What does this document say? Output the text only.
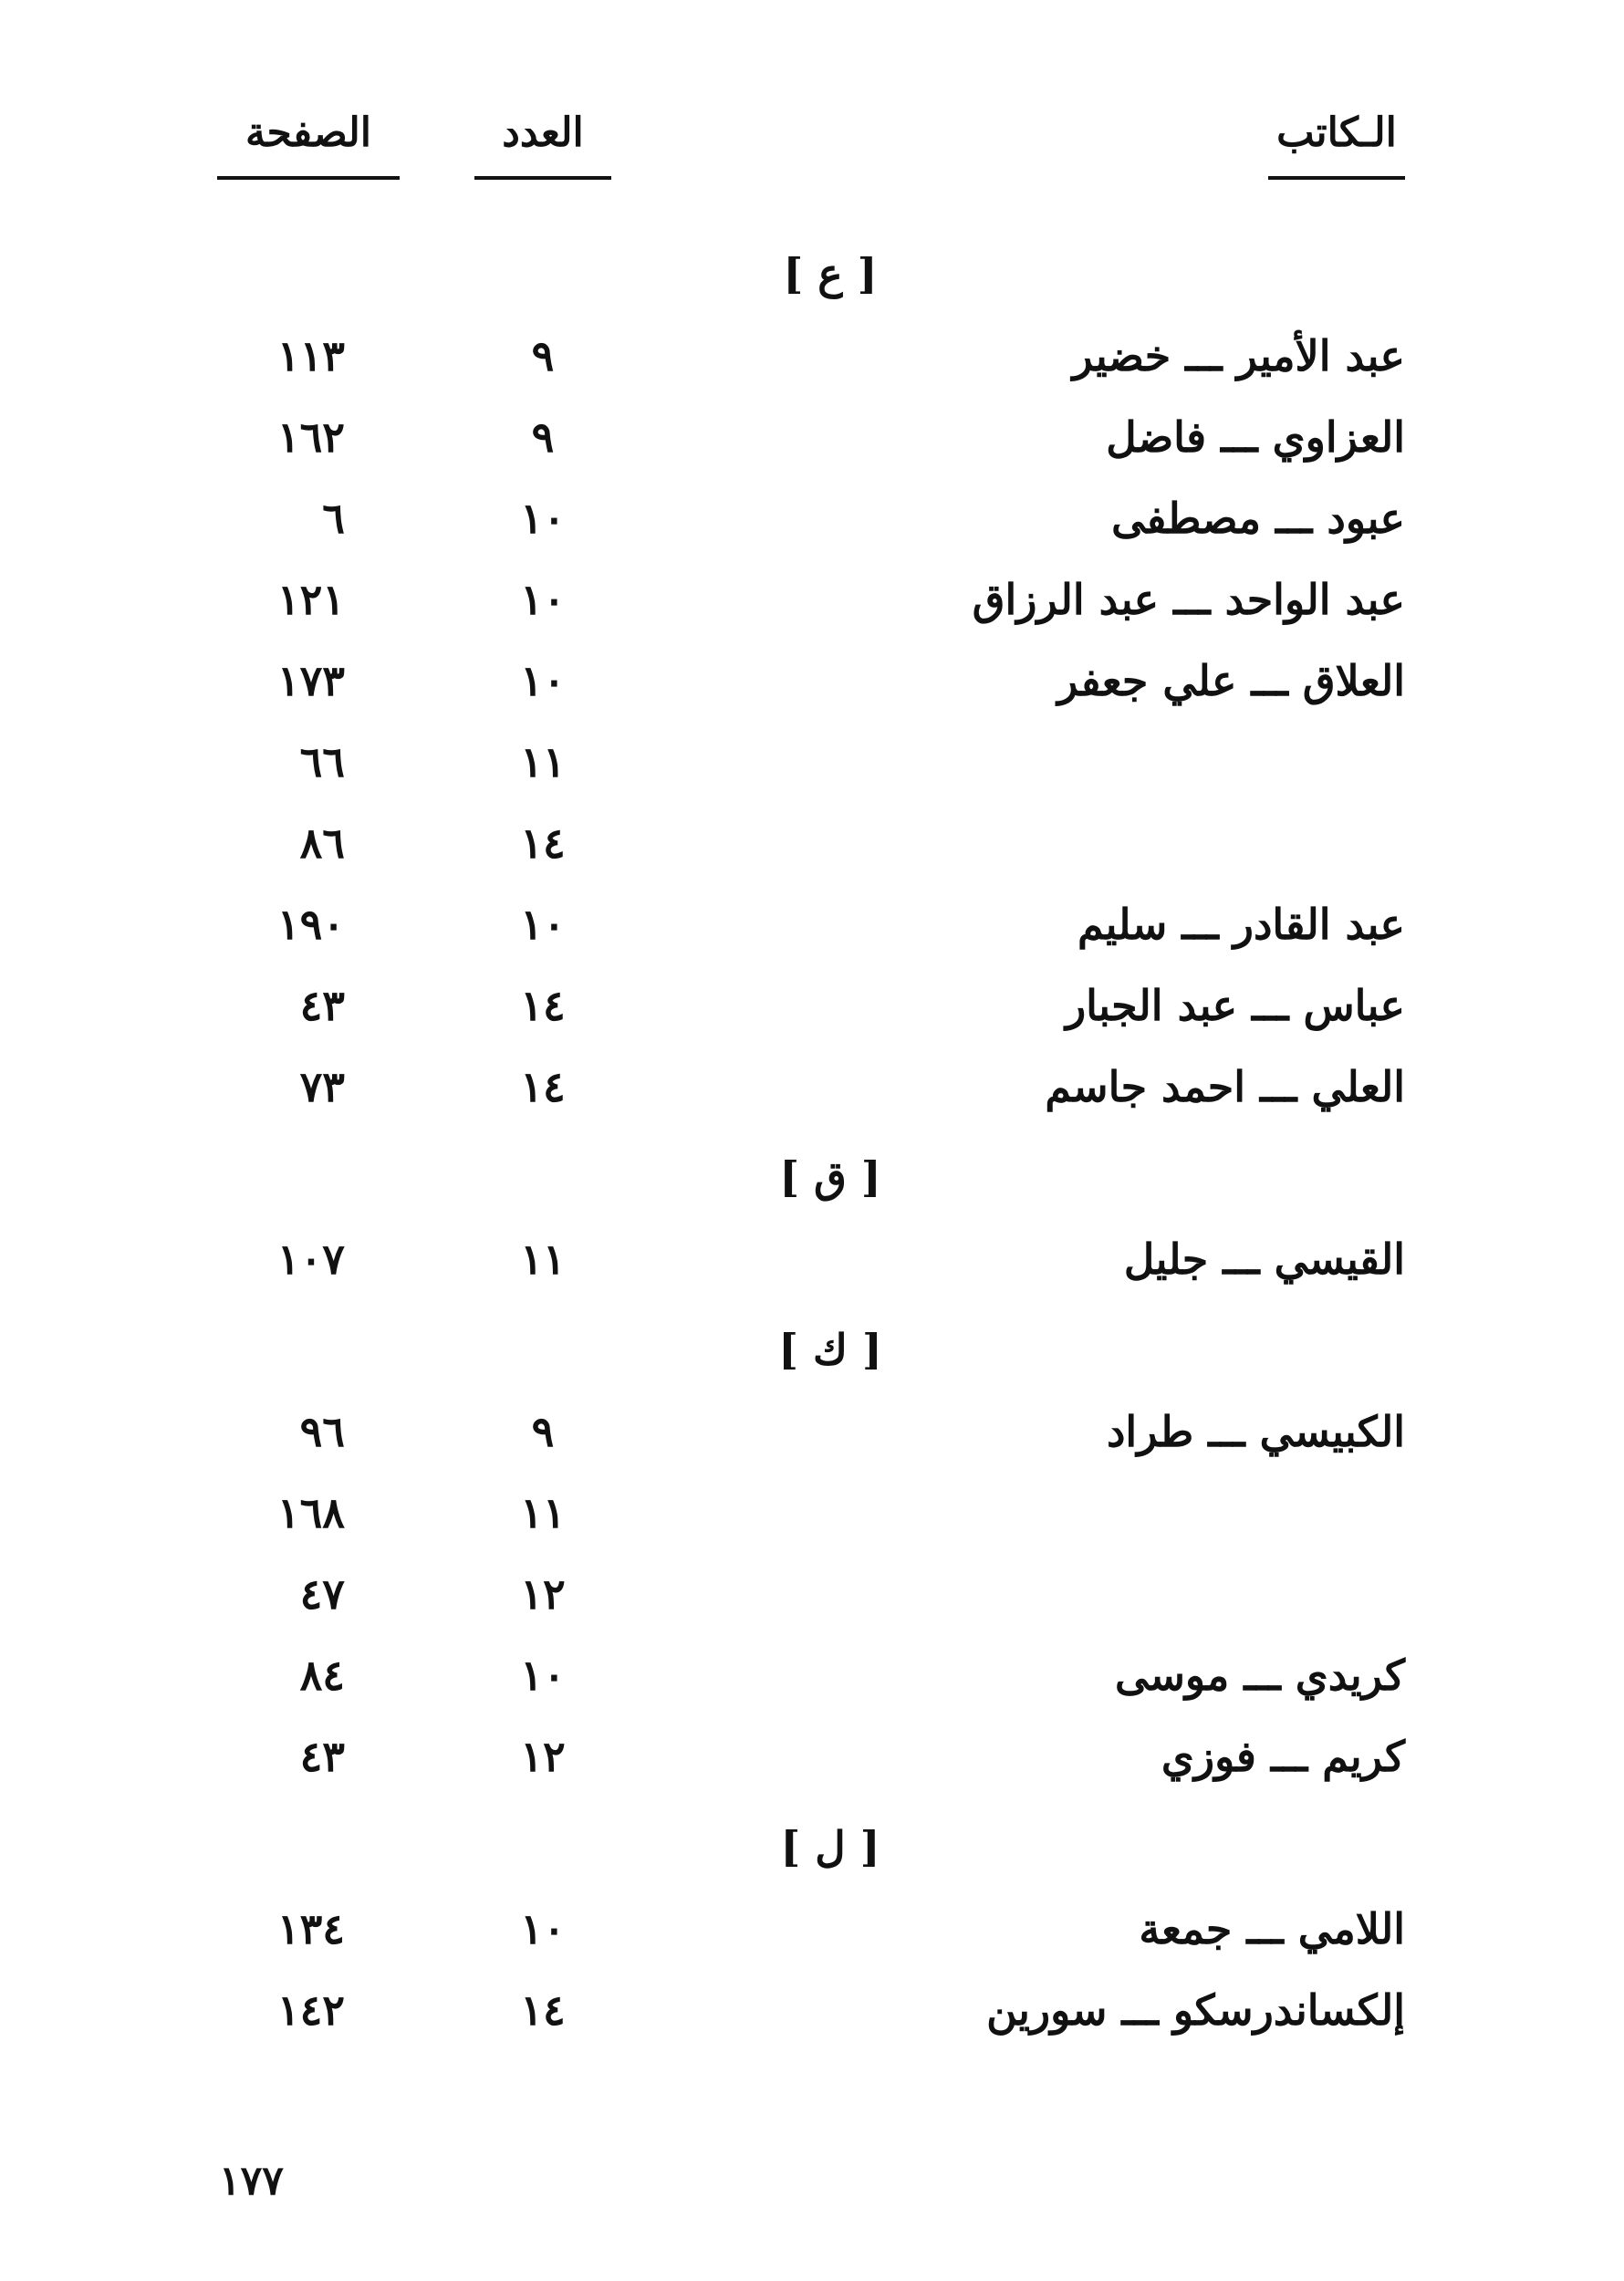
الـكاتب
العدد
الصفحة
[ ع ]
عبد الأمير ـــ خضير
٩
١١٣
العزاوي ـــ فاضل
٩
١٦٢
عبود ـــ مصطفى
١٠
٦
عبد الواحد ـــ عبد الرزاق
١٠
١٢١
العلاق ـــ علي جعفر
١٠
١٧٣
١١
٦٦
١٤
٨٦
عبد القادر ـــ سليم
١٠
١٩٠
عباس ـــ عبد الجبار
١٤
٤٣
العلي ـــ احمد جاسم
١٤
٧٣
[ ق ]
القيسي ـــ جليل
١١
١٠٧
[ ك ]
الكبيسي ـــ طراد
٩
٩٦
١١
١٦٨
١٢
٤٧
كريدي ـــ موسى
١٠
٨٤
كريم ـــ فوزي
١٢
٤٣
[ ل ]
اللامي ـــ جمعة
١٠
١٣٤
إلكساندرسكو ـــ سورين
١٤
١٤٢
١٧٧
